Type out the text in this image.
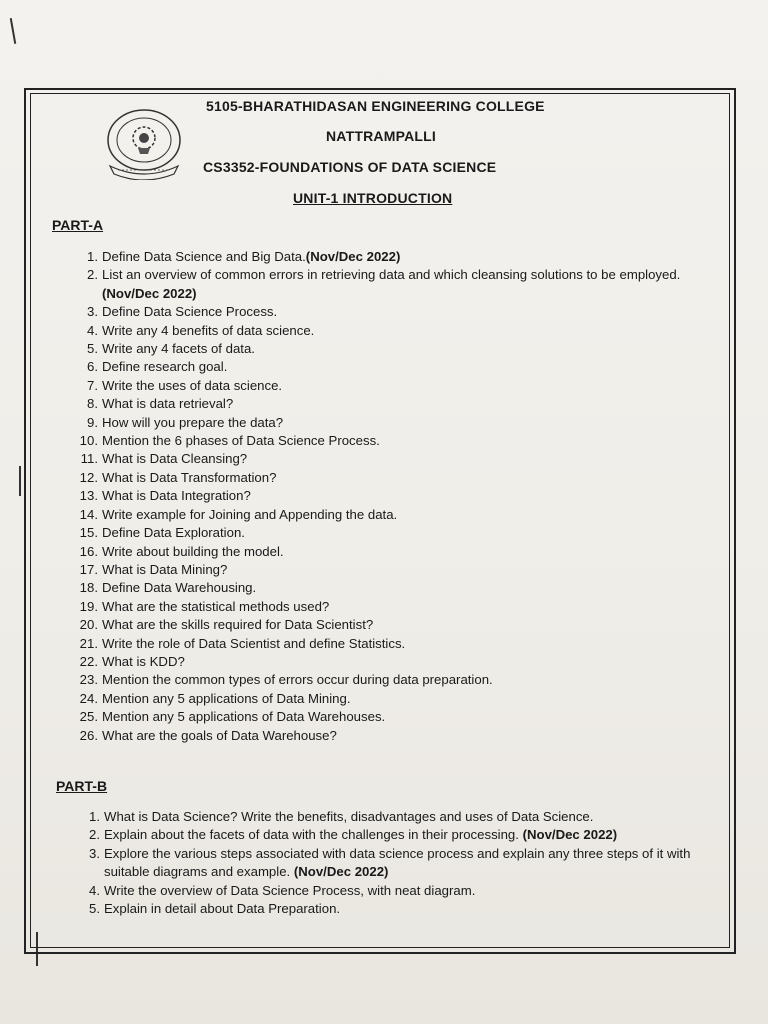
5105-BHARATHIDASAN ENGINEERING COLLEGE
NATTRAMPALLI
CS3352-FOUNDATIONS OF DATA SCIENCE
UNIT-1 INTRODUCTION
PART-A
1. Define Data Science and Big Data.(Nov/Dec 2022)
2. List an overview of common errors in retrieving data and which cleansing solutions to be employed. (Nov/Dec 2022)
3. Define Data Science Process.
4. Write any 4 benefits of data science.
5. Write any 4 facets of data.
6. Define research goal.
7. Write the uses of data science.
8. What is data retrieval?
9. How will you prepare the data?
10. Mention the 6 phases of Data Science Process.
11. What is Data Cleansing?
12. What is Data Transformation?
13. What is Data Integration?
14. Write example for Joining and Appending the data.
15. Define Data Exploration.
16. Write about building the model.
17. What is Data Mining?
18. Define Data Warehousing.
19. What are the statistical methods used?
20. What are the skills required for Data Scientist?
21. Write the role of Data Scientist and define Statistics.
22. What is KDD?
23. Mention the common types of errors occur during data preparation.
24. Mention any 5 applications of Data Mining.
25. Mention any 5 applications of Data Warehouses.
26. What are the goals of Data Warehouse?
PART-B
1. What is Data Science? Write the benefits, disadvantages and uses of Data Science.
2. Explain about the facets of data with the challenges in their processing. (Nov/Dec 2022)
3. Explore the various steps associated with data science process and explain any three steps of it with suitable diagrams and example. (Nov/Dec 2022)
4. Write the overview of Data Science Process, with neat diagram.
5. Explain in detail about Data Preparation.
